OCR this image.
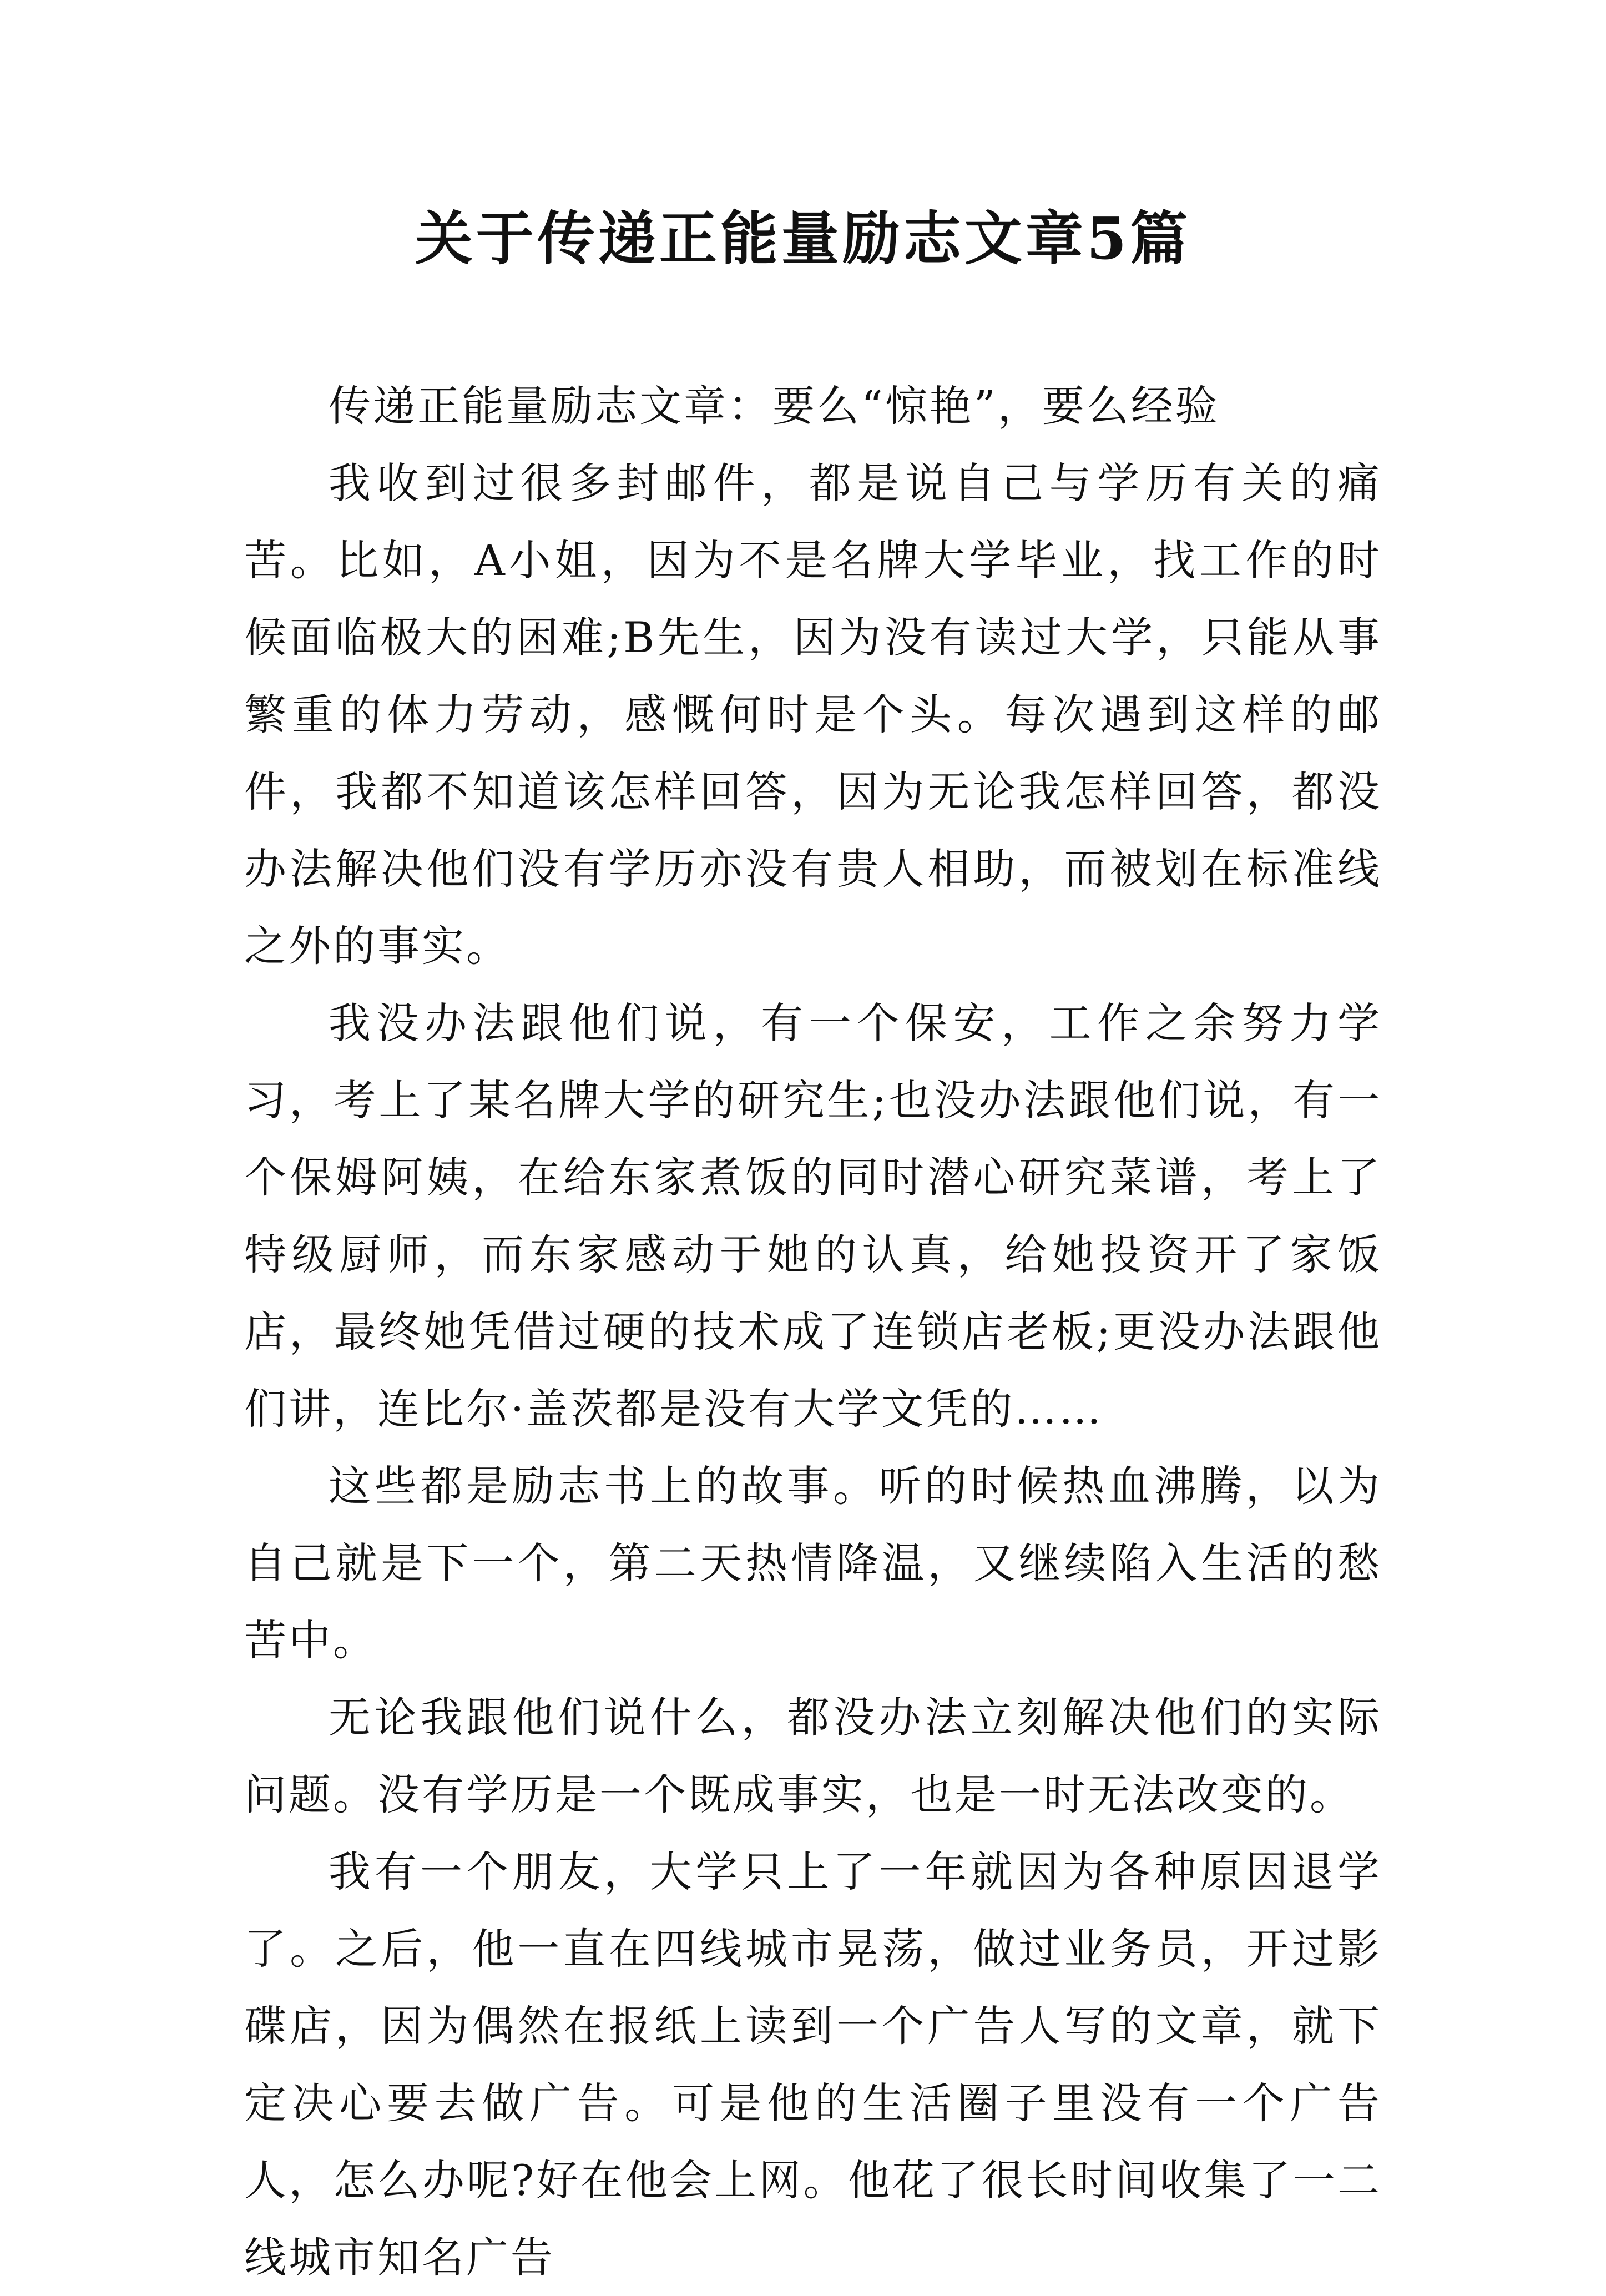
关于传递正能量励志文章5篇

传递正能量励志文章：要么“惊艳”，要么经验

我收到过很多封邮件，都是说自己与学历有关的痛苦。比如，A小姐，因为不是名牌大学毕业，找工作的时候面临极大的困难;B先生，因为没有读过大学，只能从事繁重的体力劳动，感慨何时是个头。每次遇到这样的邮件，我都不知道该怎样回答，因为无论我怎样回答，都没办法解决他们没有学历亦没有贵人相助，而被划在标准线之外的事实。

我没办法跟他们说，有一个保安，工作之余努力学习，考上了某名牌大学的研究生;也没办法跟他们说，有一个保姆阿姨，在给东家煮饭的同时潜心研究菜谱，考上了特级厨师，而东家感动于她的认真，给她投资开了家饭店，最终她凭借过硬的技术成了连锁店老板;更没办法跟他们讲，连比尔·盖茨都是没有大学文凭的……

这些都是励志书上的故事。听的时候热血沸腾，以为自己就是下一个，第二天热情降温，又继续陷入生活的愁苦中。

无论我跟他们说什么，都没办法立刻解决他们的实际问题。没有学历是一个既成事实，也是一时无法改变的。

我有一个朋友，大学只上了一年就因为各种原因退学了。之后，他一直在四线城市晃荡，做过业务员，开过影碟店，因为偶然在报纸上读到一个广告人写的文章，就下定决心要去做广告。可是他的生活圈子里没有一个广告人，怎么办呢?好在他会上网。他花了很长时间收集了一二线城市知名广告
